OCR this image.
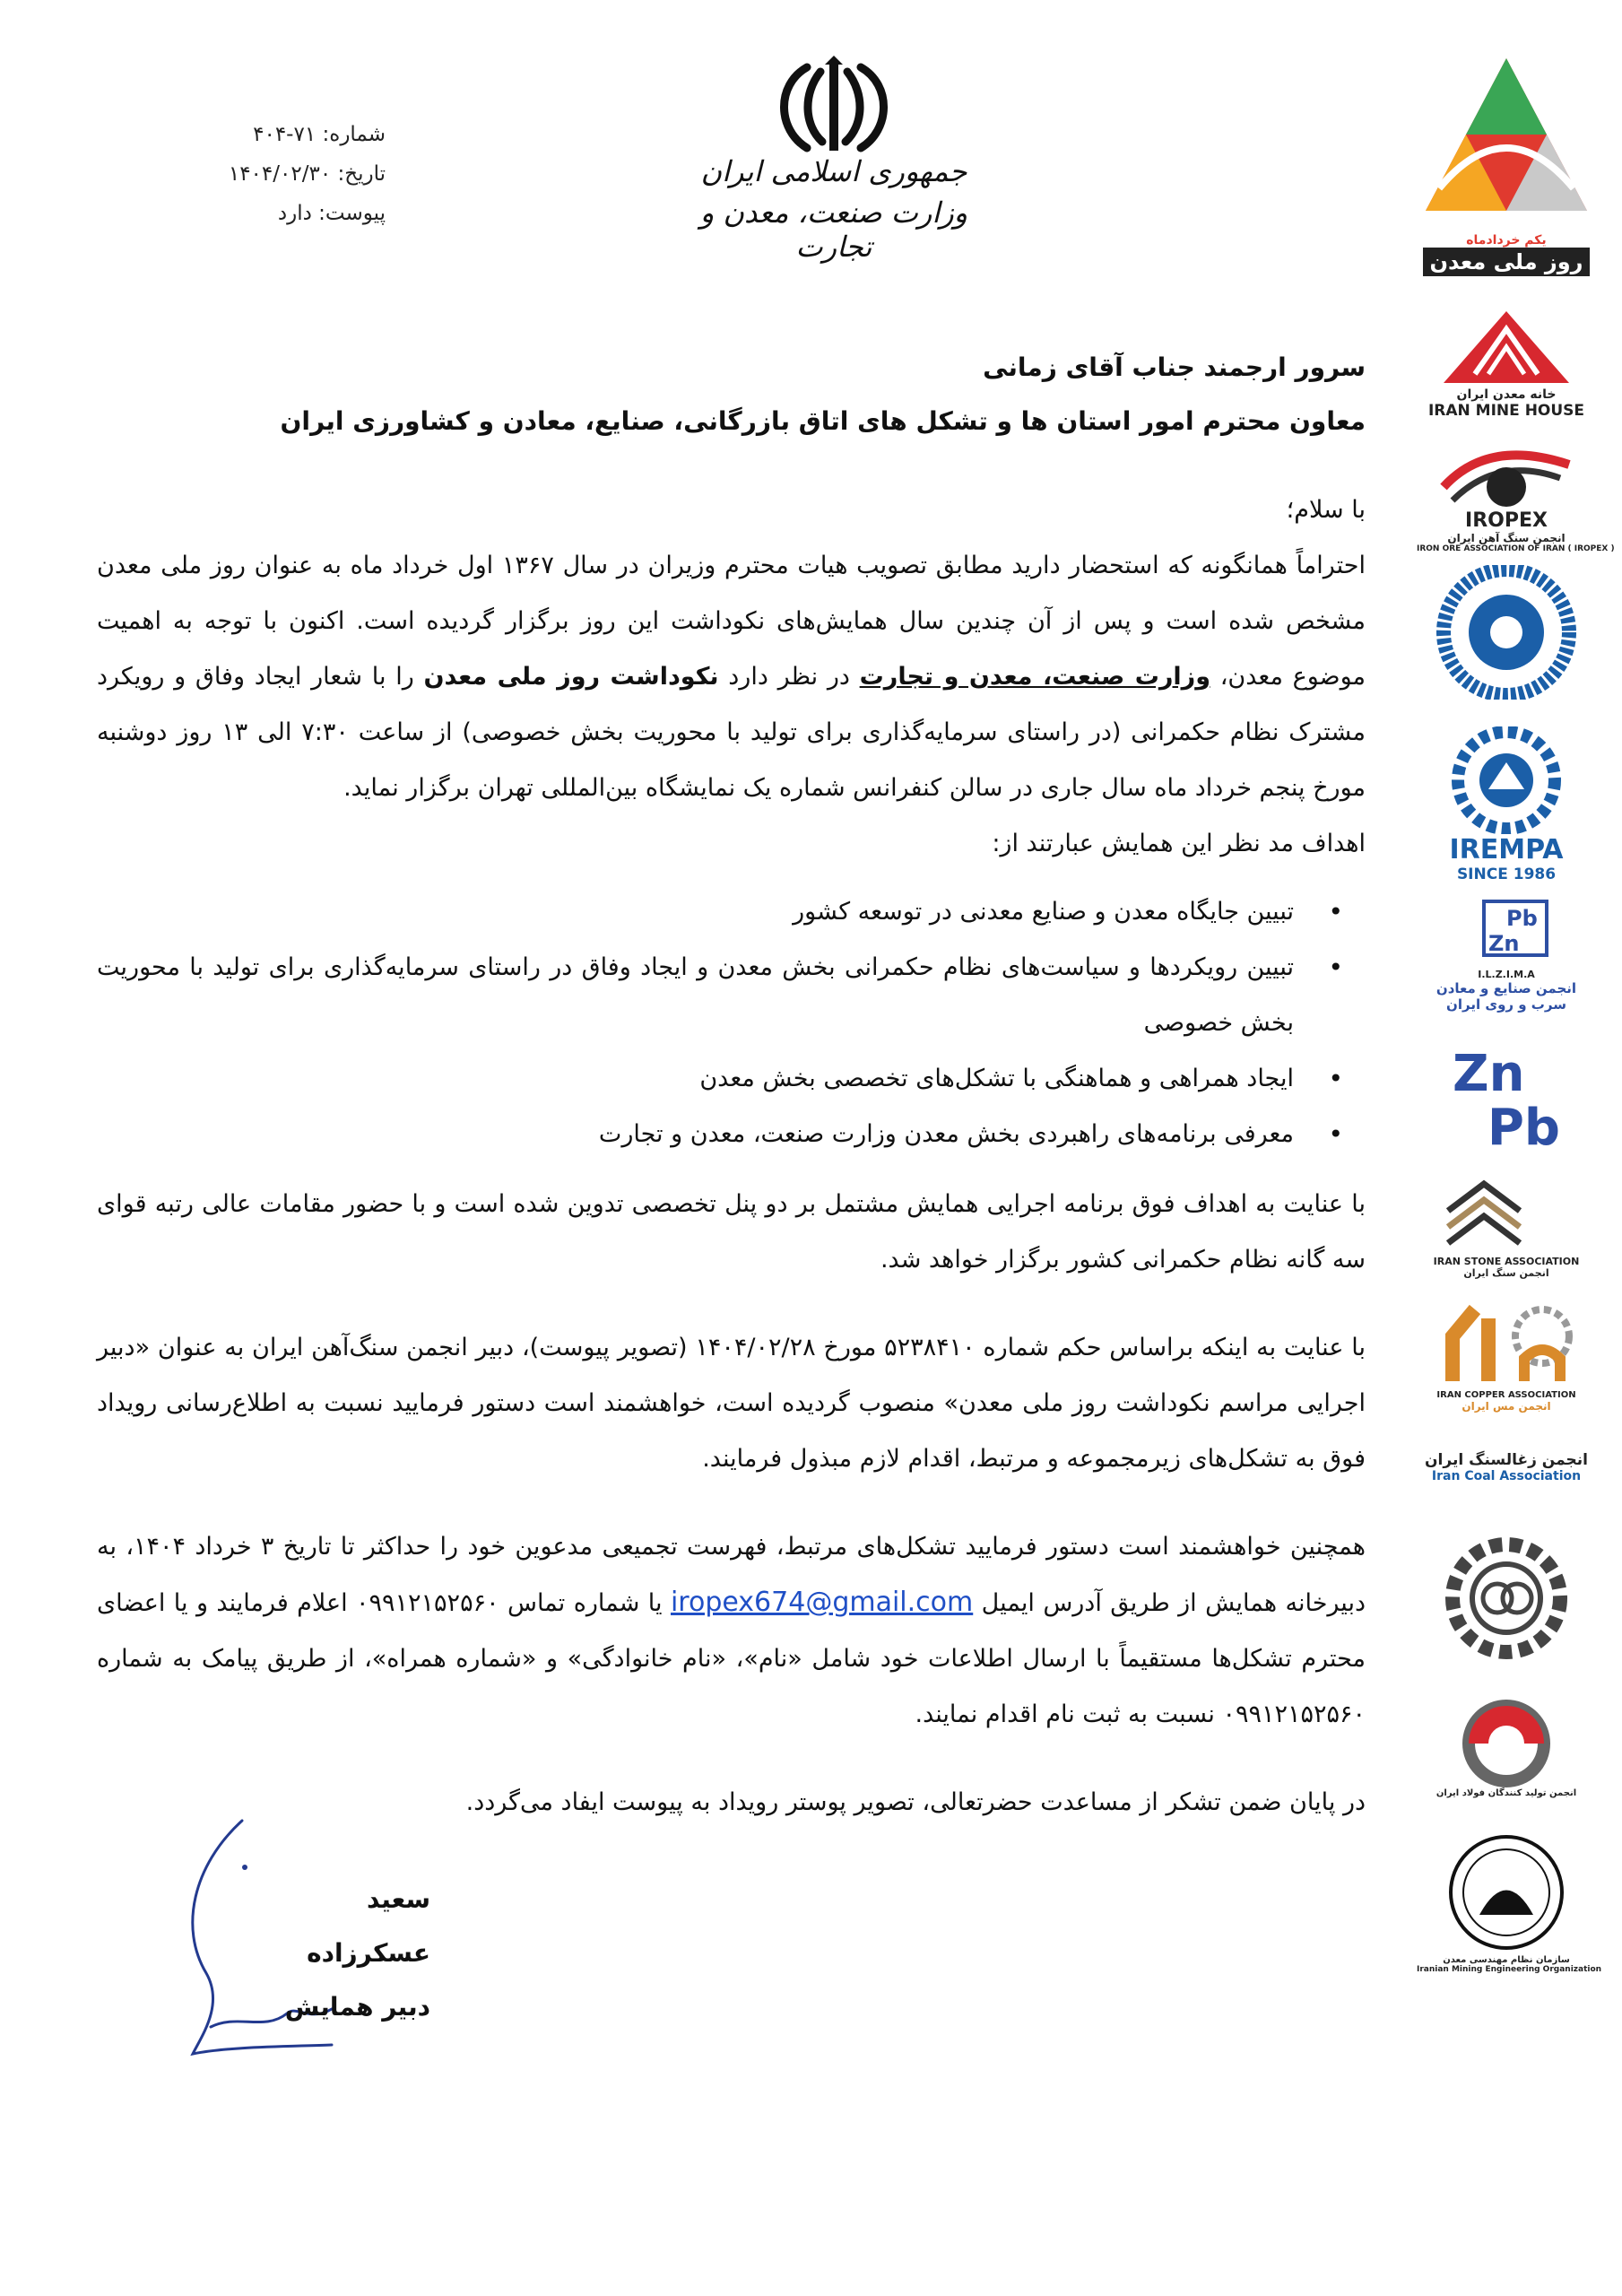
شماره: ۷۱-۴۰۴
تاریخ: ۱۴۰۴/۰۲/۳۰
پیوست: دارد
جمهوری اسلامی ایران
وزارت صنعت، معدن و تجارت	یکم خردادماه
روز ملی معدن
خانه معدن ایران
IRAN MINE HOUSE
IROPEX
انجمن سنگ آهن ایران
IRON ORE ASSOCIATION OF IRAN ( IROPEX )
IREMPA
SINCE 1986
Pb
Zn
I.L.Z.I.M.A
انجمن صنایع و معادن
سرب و روی ایران
Zn
Pb
IRAN STONE ASSOCIATION
انجمن سنگ ایران
IRAN COPPER ASSOCIATION
انجمن مس ایران
انجمن زغالسنگ ایران
Iran Coal Association
انجمن تولید کنندگان فولاد ایران
سازمان نظام مهندسی معدن
Iranian Mining Engineering Organization

سرور ارجمند جناب آقای زمانی

معاون محترم امور استان ها و تشکل های اتاق بازرگانی، صنایع، معادن و کشاورزی ایران

با سلام؛

احتراماً همانگونه که استحضار دارید مطابق تصویب هیات محترم وزیران در سال ۱۳۶۷ اول خرداد ماه به عنوان روز ملی معدن مشخص شده است و پس از آن چندین سال همایش‌های نکوداشت این روز برگزار گردیده است. اکنون با توجه به اهمیت موضوع معدن، وزارت صنعت، معدن و تجارت در نظر دارد نکوداشت روز ملی معدن را با شعار ایجاد وفاق و رویکرد مشترک نظام حکمرانی (در راستای سرمایه‌گذاری برای تولید با محوریت بخش خصوصی) از ساعت ۷:۳۰ الی ۱۳ روز دوشنبه مورخ پنجم خرداد ماه سال جاری در سالن کنفرانس شماره یک نمایشگاه بین‌المللی تهران برگزار نماید.

اهداف مد نظر این همایش عبارتند از:

• تبیین جایگاه معدن و صنایع معدنی در توسعه کشور
• تبیین رویکردها و سیاست‌های نظام حکمرانی بخش معدن و ایجاد وفاق در راستای سرمایه‌گذاری برای تولید با محوریت بخش خصوصی
• ایجاد همراهی و هماهنگی با تشکل‌های تخصصی بخش معدن
• معرفی برنامه‌های راهبردی بخش معدن وزارت صنعت، معدن و تجارت

با عنایت به اهداف فوق برنامه اجرایی همایش مشتمل بر دو پنل تخصصی تدوین شده است و با حضور مقامات عالی رتبه قوای سه گانه نظام حکمرانی کشور برگزار خواهد شد.

با عنایت به اینکه براساس حکم شماره ۵۲۳۸۴۱۰ مورخ ۱۴۰۴/۰۲/۲۸ (تصویر پیوست)، دبیر انجمن سنگ‌آهن ایران به عنوان «دبیر اجرایی مراسم نکوداشت روز ملی معدن» منصوب گردیده است، خواهشمند است دستور فرمایید نسبت به اطلاع‌رسانی رویداد فوق به تشکل‌های زیرمجموعه و مرتبط، اقدام لازم مبذول فرمایند.

همچنین خواهشمند است دستور فرمایید تشکل‌های مرتبط، فهرست تجمیعی مدعوین خود را حداکثر تا تاریخ ۳ خرداد ۱۴۰۴، به دبیرخانه همایش از طریق آدرس ایمیل iropex674@gmail.com یا شماره تماس ۰۹۹۱۲۱۵۲۵۶۰ اعلام فرمایند و یا اعضای محترم تشکل‌ها مستقیماً با ارسال اطلاعات خود شامل «نام»، «نام خانوادگی» و «شماره همراه»، از طریق پیامک به شماره ۰۹۹۱۲۱۵۲۵۶۰ نسبت به ثبت نام اقدام نمایند.

در پایان ضمن تشکر از مساعدت حضرتعالی، تصویر پوستر رویداد به پیوست ایفاد می‌گردد.

سعید عسکرزاده
دبیر همایش
